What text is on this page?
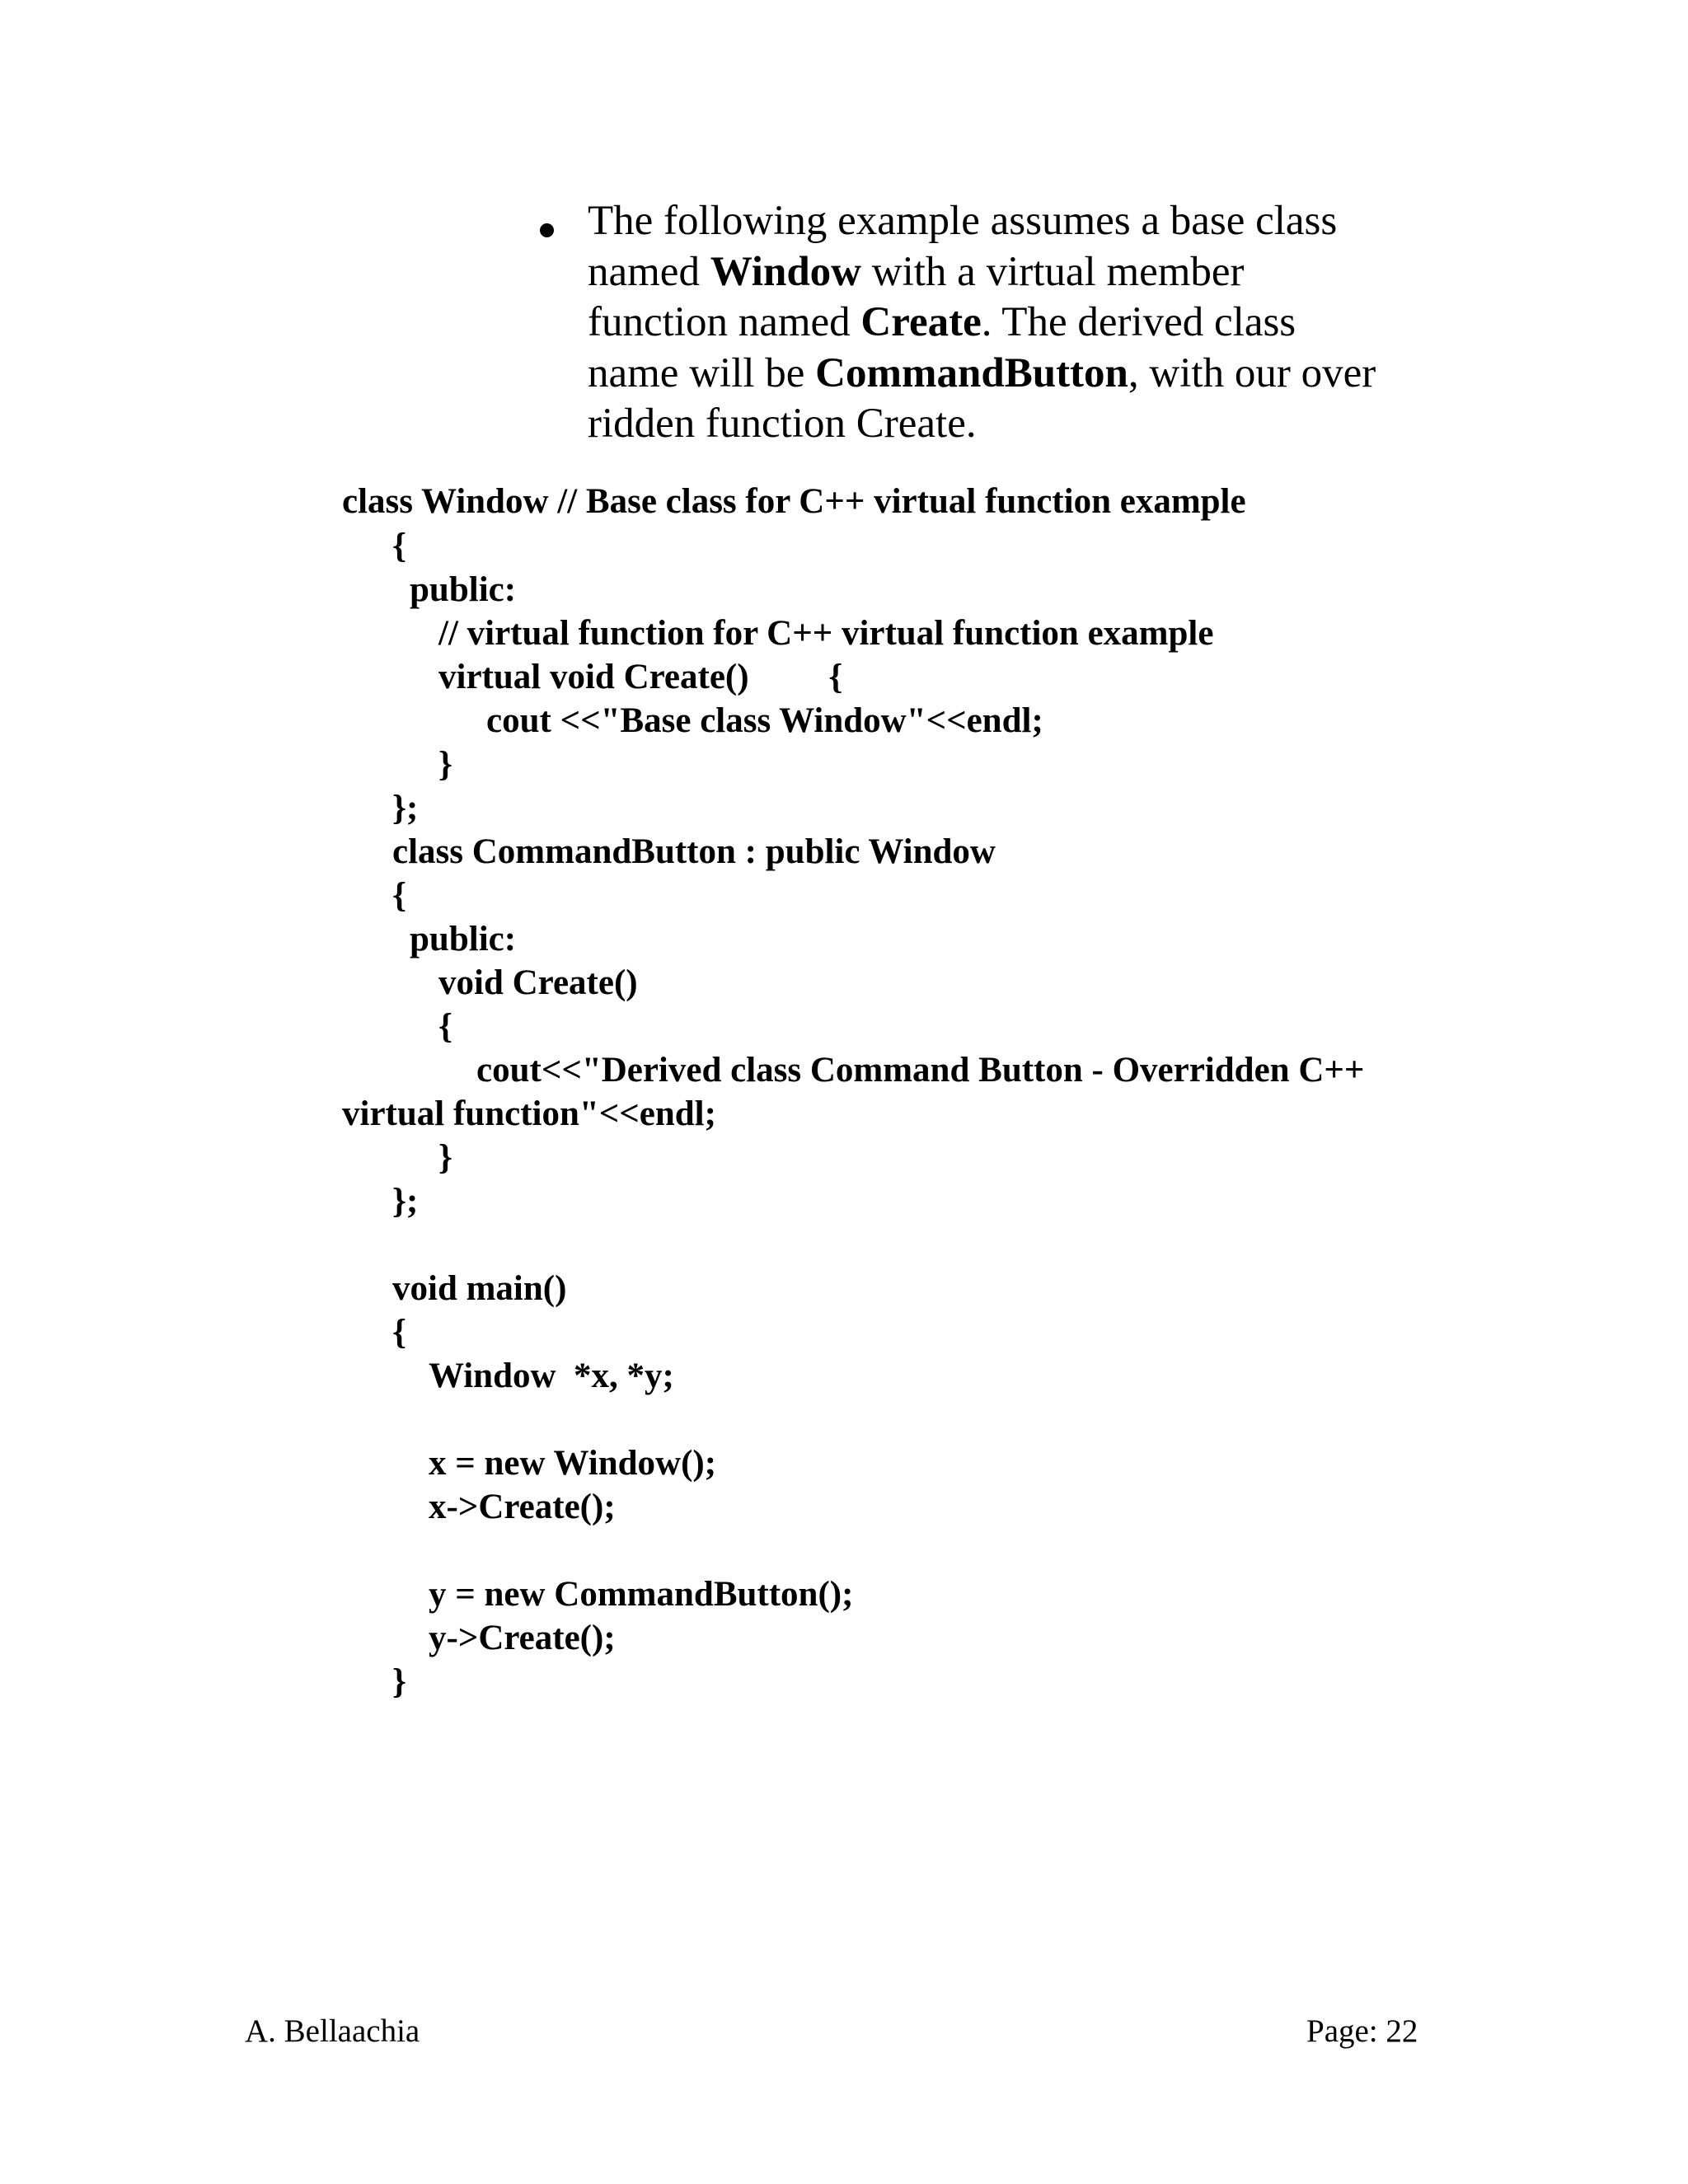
The following example assumes a base class
named Window with a virtual member
function named Create. The derived class
name will be CommandButton, with our over
ridden function Create.
class Window // Base class for C++ virtual function example
{
public:
// virtual function for C++ virtual function example
virtual void Create()         {
cout <<"Base class Window"<<endl;
}
};
class CommandButton : public Window
{
public:
void Create()
{
cout<<"Derived class Command Button - Overridden C++
virtual function"<<endl;
}
};
void main()
{
Window  *x, *y;
x = new Window();
x->Create();
y = new CommandButton();
y->Create();
}
A. Bellaachia	Page: 22
